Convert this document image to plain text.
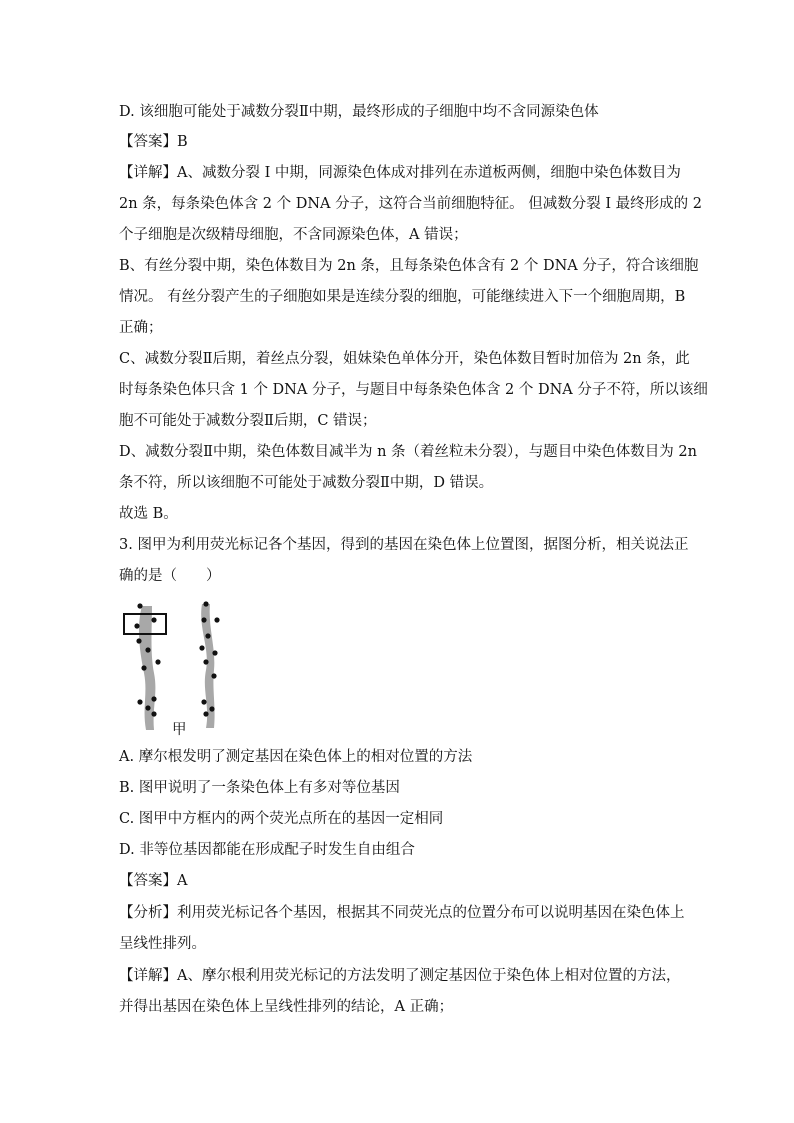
D. 该细胞可能处于减数分裂Ⅱ中期，最终形成的子细胞中均不含同源染色体
【答案】B
【详解】A、减数分裂 I 中期，同源染色体成对排列在赤道板两侧，细胞中染色体数目为
2n 条，每条染色体含 2 个 DNA 分子，这符合当前细胞特征。 但减数分裂 I 最终形成的 2
个子细胞是次级精母细胞，不含同源染色体，A 错误；
B、有丝分裂中期，染色体数目为 2n 条，且每条染色体含有 2 个 DNA 分子，符合该细胞
情况。 有丝分裂产生的子细胞如果是连续分裂的细胞，可能继续进入下一个细胞周期，B
正确；
C、减数分裂Ⅱ后期，着丝点分裂，姐妹染色单体分开，染色体数目暂时加倍为 2n 条，此
时每条染色体只含 1 个 DNA 分子，与题目中每条染色体含 2 个 DNA 分子不符，所以该细
胞不可能处于减数分裂Ⅱ后期，C 错误；
D、减数分裂Ⅱ中期，染色体数目减半为 n 条（着丝粒未分裂），与题目中染色体数目为 2n
条不符，所以该细胞不可能处于减数分裂Ⅱ中期，D 错误。
故选 B。
3. 图甲为利用荧光标记各个基因，得到的基因在染色体上位置图，据图分析，相关说法正
确的是（　　）
甲
A. 摩尔根发明了测定基因在染色体上的相对位置的方法
B. 图甲说明了一条染色体上有多对等位基因
C. 图甲中方框内的两个荧光点所在的基因一定相同
D. 非等位基因都能在形成配子时发生自由组合
【答案】A
【分析】利用荧光标记各个基因，根据其不同荧光点的位置分布可以说明基因在染色体上
呈线性排列。
【详解】A、摩尔根利用荧光标记的方法发明了测定基因位于染色体上相对位置的方法，
并得出基因在染色体上呈线性排列的结论，A 正确；
